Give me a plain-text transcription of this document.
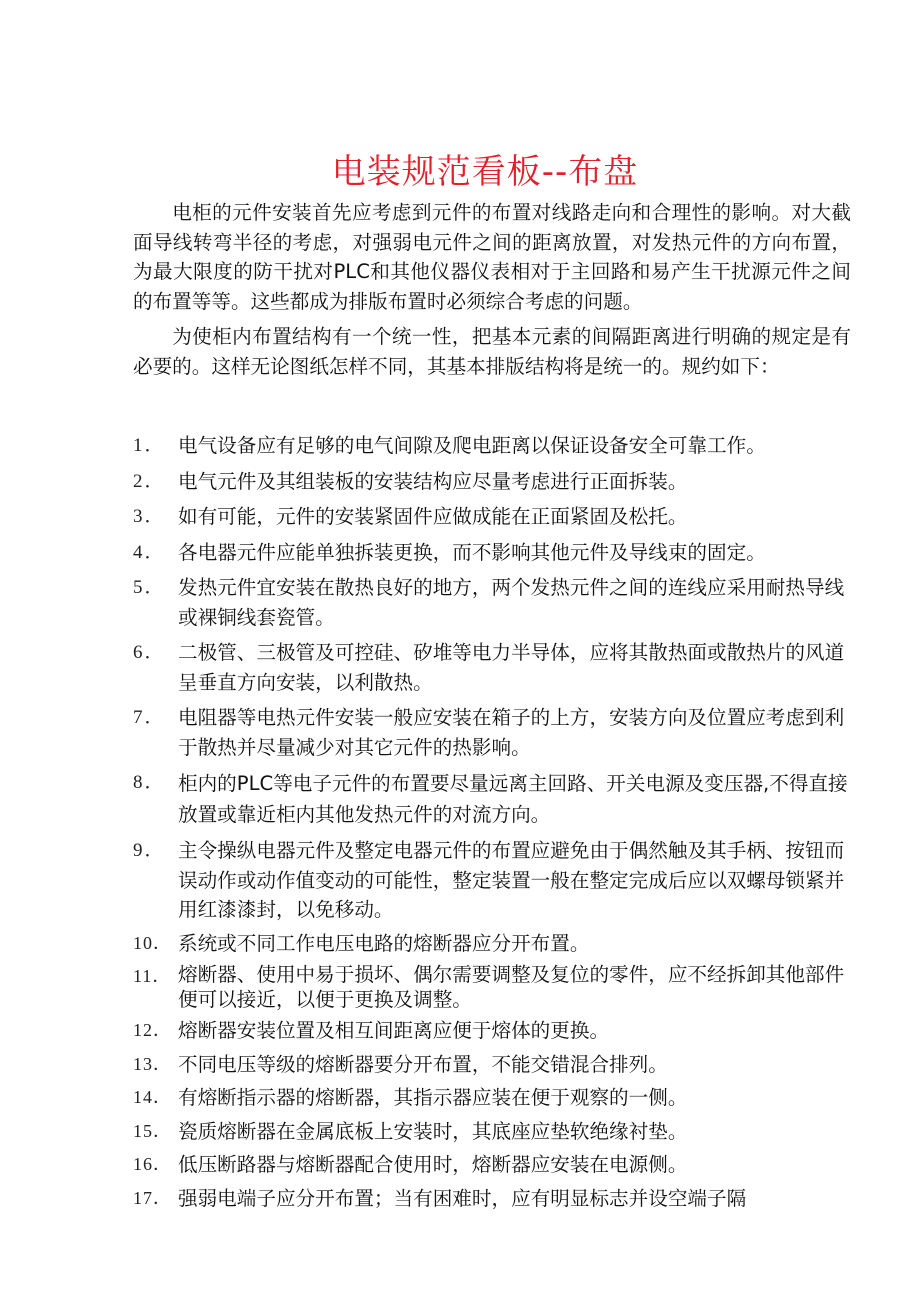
电装规范看板--布盘

电柜的元件安装首先应考虑到元件的布置对线路走向和合理性的影响。对大截面导线转弯半径的考虑，对强弱电元件之间的距离放置，对发热元件的方向布置，为最大限度的防干扰对PLC和其他仪器仪表相对于主回路和易产生干扰源元件之间的布置等等。这些都成为排版布置时必须综合考虑的问题。

为使柜内布置结构有一个统一性，把基本元素的间隔距离进行明确的规定是有必要的。这样无论图纸怎样不同，其基本排版结构将是统一的。规约如下：

1． 电气设备应有足够的电气间隙及爬电距离以保证设备安全可靠工作。
2． 电气元件及其组装板的安装结构应尽量考虑进行正面拆装。
3． 如有可能，元件的安装紧固件应做成能在正面紧固及松托。
4． 各电器元件应能单独拆装更换，而不影响其他元件及导线束的固定。
5． 发热元件宜安装在散热良好的地方，两个发热元件之间的连线应采用耐热导线或裸铜线套瓷管。
6． 二极管、三极管及可控硅、矽堆等电力半导体，应将其散热面或散热片的风道呈垂直方向安装，以利散热。
7． 电阻器等电热元件安装一般应安装在箱子的上方，安装方向及位置应考虑到利于散热并尽量减少对其它元件的热影响。
8． 柜内的PLC等电子元件的布置要尽量远离主回路、开关电源及变压器,不得直接放置或靠近柜内其他发热元件的对流方向。
9． 主令操纵电器元件及整定电器元件的布置应避免由于偶然触及其手柄、按钮而误动作或动作值变动的可能性，整定装置一般在整定完成后应以双螺母锁紧并用红漆漆封，以免移动。
10． 系统或不同工作电压电路的熔断器应分开布置。
11． 熔断器、使用中易于损坏、偶尔需要调整及复位的零件，应不经拆卸其他部件便可以接近，以便于更换及调整。
12． 熔断器安装位置及相互间距离应便于熔体的更换。
13． 不同电压等级的熔断器要分开布置，不能交错混合排列。
14． 有熔断指示器的熔断器，其指示器应装在便于观察的一侧。
15． 瓷质熔断器在金属底板上安装时，其底座应垫软绝缘衬垫。
16． 低压断路器与熔断器配合使用时，熔断器应安装在电源侧。
17． 强弱电端子应分开布置；当有困难时，应有明显标志并设空端子隔
